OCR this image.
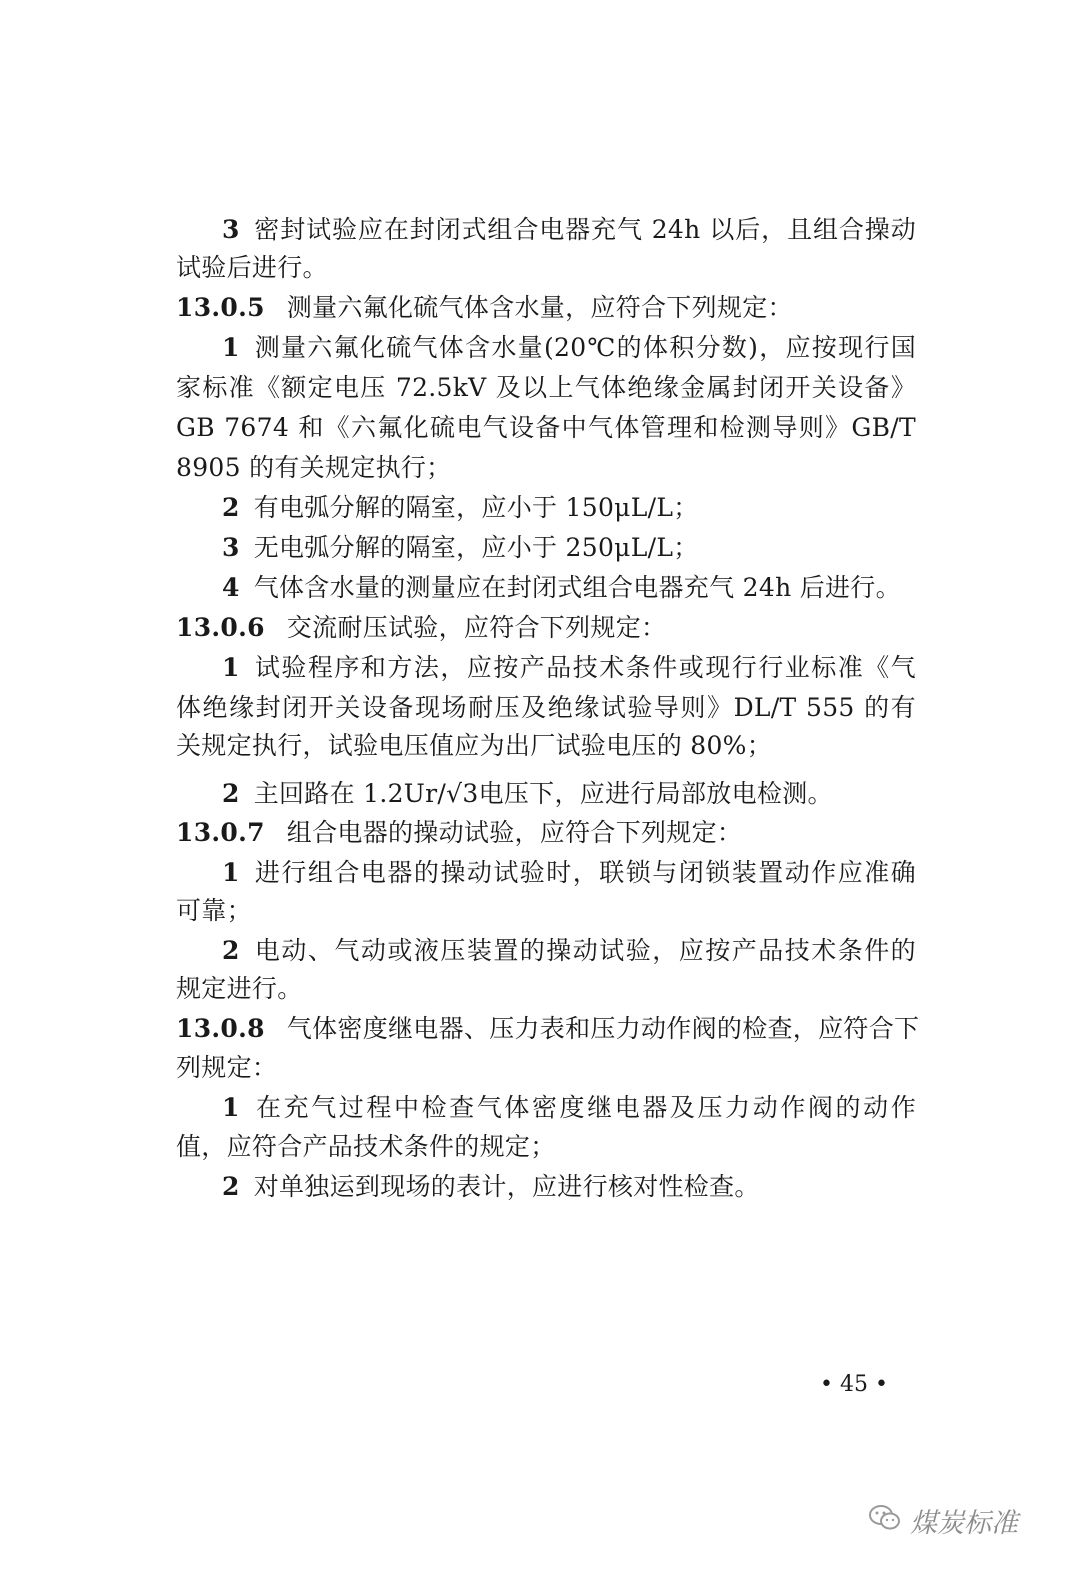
3 密封试验应在封闭式组合电器充气 24h 以后，且组合操动
试验后进行。
13.0.5 测量六氟化硫气体含水量，应符合下列规定：
1 测量六氟化硫气体含水量(20℃的体积分数)，应按现行国
家标准《额定电压 72.5kV 及以上气体绝缘金属封闭开关设备》
GB 7674 和《六氟化硫电气设备中气体管理和检测导则》GB/T
8905 的有关规定执行；
2 有电弧分解的隔室，应小于 150μL/L；
3 无电弧分解的隔室，应小于 250μL/L；
4 气体含水量的测量应在封闭式组合电器充气 24h 后进行。
13.0.6 交流耐压试验，应符合下列规定：
1 试验程序和方法，应按产品技术条件或现行行业标准《气
体绝缘封闭开关设备现场耐压及绝缘试验导则》DL/T 555 的有
关规定执行，试验电压值应为出厂试验电压的 80%；
2 主回路在 1.2Ur/√3电压下，应进行局部放电检测。
13.0.7 组合电器的操动试验，应符合下列规定：
1 进行组合电器的操动试验时，联锁与闭锁装置动作应准确
可靠；
2 电动、气动或液压装置的操动试验，应按产品技术条件的
规定进行。
13.0.8 气体密度继电器、压力表和压力动作阀的检查，应符合下
列规定：
1 在充气过程中检查气体密度继电器及压力动作阀的动作
值，应符合产品技术条件的规定；
2 对单独运到现场的表计，应进行核对性检查。
• 45 •
煤炭标准
